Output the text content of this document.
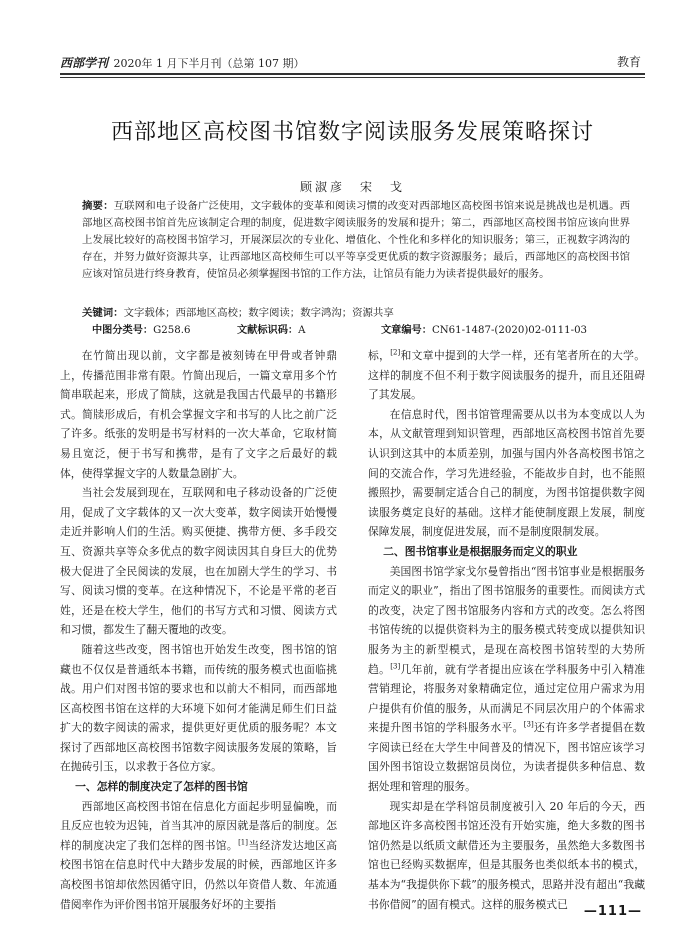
西部学刊 2020年 1 月下半月刊（总第 107 期）	教育
西部地区高校图书馆数字阅读服务发展策略探讨
顾淑彦　宋　戈
摘要：互联网和电子设备广泛使用，文字载体的变革和阅读习惯的改变对西部地区高校图书馆来说是挑战也是机遇。西部地区高校图书馆首先应该制定合理的制度，促进数字阅读服务的发展和提升；第二，西部地区高校图书馆应该向世界上发展比较好的高校图书馆学习，开展深层次的专业化、增值化、个性化和多样化的知识服务；第三，正视数字鸿沟的存在，并努力做好资源共享，让西部地区高校师生可以平等享受更优质的数字资源服务；最后，西部地区的高校图书馆应该对馆员进行终身教育，使馆员必须掌握图书馆的工作方法，让馆员有能力为读者提供最好的服务。
关键词：文字载体；西部地区高校；数字阅读；数字鸿沟；资源共享
中图分类号：G258.6	文献标识码：A	文章编号：CN61-1487-(2020)02-0111-03

在竹简出现以前，文字都是被刻铸在甲骨或者钟鼎上，传播范围非常有限。竹简出现后，一篇文章用多个竹简串联起来，形成了简牍，这就是我国古代最早的书籍形式。简牍形成后，有机会掌握文字和书写的人比之前广泛了许多。纸张的发明是书写材料的一次大革命，它取材简易且宽泛，便于书写和携带，是有了文字之后最好的载体，使得掌握文字的人数量急剧扩大。

当社会发展到现在，互联网和电子移动设备的广泛使用，促成了文字载体的又一次大变革，数字阅读开始慢慢走近并影响人们的生活。购买便捷、携带方便、多手段交互、资源共享等众多优点的数字阅读因其自身巨大的优势极大促进了全民阅读的发展，也在加剧大学生的学习、书写、阅读习惯的变革。在这种情况下，不论是平常的老百姓，还是在校大学生，他们的书写方式和习惯、阅读方式和习惯，都发生了翻天覆地的改变。

随着这些改变，图书馆也开始发生改变，图书馆的馆藏也不仅仅是普通纸本书籍，而传统的服务模式也面临挑战。用户们对图书馆的要求也和以前大不相同，而西部地区高校图书馆在这样的大环境下如何才能满足师生们日益扩大的数字阅读的需求，提供更好更优质的服务呢？本文探讨了西部地区高校图书馆数字阅读服务发展的策略，旨在抛砖引玉，以求教于各位方家。

一、怎样的制度决定了怎样的图书馆

西部地区高校图书馆在信息化方面起步明显偏晚，而且反应也较为迟钝，首当其冲的原因就是落后的制度。怎样的制度决定了我们怎样的图书馆。[1]当经济发达地区高校图书馆在信息时代中大踏步发展的时候，西部地区许多高校图书馆却依然因循守旧，仍然以年资借人数、年流通借阅率作为评价图书馆开展服务好坏的主要指

标，[2]和文章中提到的大学一样，还有笔者所在的大学。这样的制度不但不利于数字阅读服务的提升，而且还阻碍了其发展。

在信息时代，图书馆管理需要从以书为本变成以人为本，从文献管理到知识管理，西部地区高校图书馆首先要认识到这其中的本质差别，加强与国内外各高校图书馆之间的交流合作，学习先进经验，不能故步自封，也不能照搬照抄，需要制定适合自己的制度，为图书馆提供数字阅读服务奠定良好的基础。这样才能使制度跟上发展，制度保障发展，制度促进发展，而不是制度限制发展。

二、图书馆事业是根据服务而定义的职业

美国图书馆学家戈尔曼曾指出“图书馆事业是根据服务而定义的职业”，指出了图书馆服务的重要性。而阅读方式的改变，决定了图书馆服务内容和方式的改变。怎么将图书馆传统的以提供资料为主的服务模式转变成以提供知识服务为主的新型模式，是现在高校图书馆转型的大势所趋。[3]几年前，就有学者提出应该在学科服务中引入精准营销理论，将服务对象精确定位，通过定位用户需求为用户提供有价值的服务，从而满足不同层次用户的个体需求来提升图书馆的学科服务水平。[3]还有许多学者提倡在数字阅读已经在大学生中间普及的情况下，图书馆应该学习国外图书馆设立数据馆员岗位，为读者提供多种信息、数据处理和管理的服务。

现实却是在学科馆员制度被引入 20 年后的今天，西部地区许多高校图书馆还没有开始实施，绝大多数的图书馆仍然是以纸质文献借还为主要服务，虽然绝大多数图书馆也已经购买数据库，但是其服务也类似纸本书的模式，基本为“我提供你下载”的服务模式，思路并没有超出“我藏书你借阅”的固有模式。这样的服务模式已	—111—
